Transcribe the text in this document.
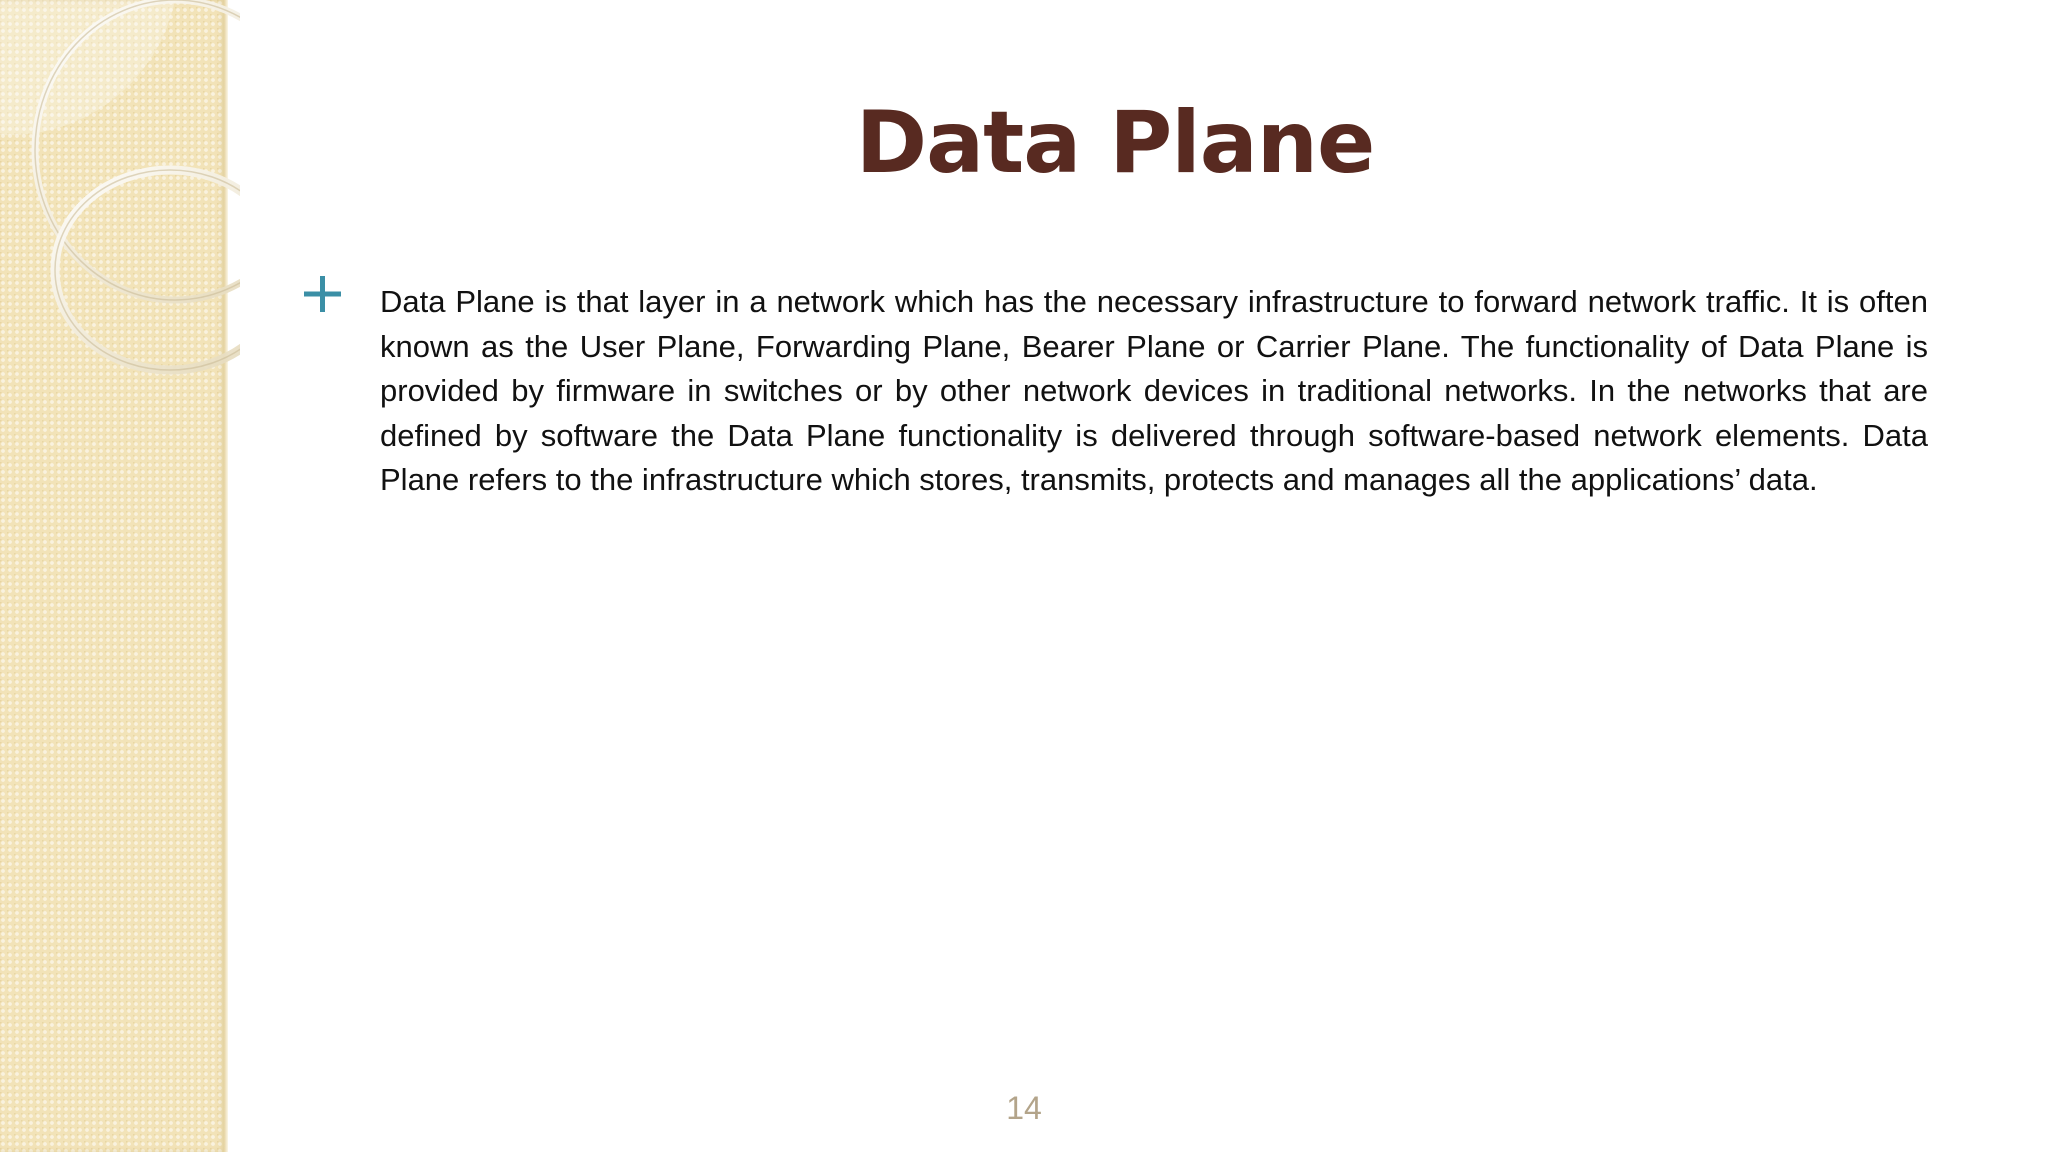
Data Plane

Data Plane is that layer in a network which has the necessary infrastructure to forward network traffic. It is often known as the User Plane, Forwarding Plane, Bearer Plane or Carrier Plane. The functionality of Data Plane is provided by firmware in switches or by other network devices in traditional networks. In the networks that are defined by software the Data Plane functionality is delivered through software-based network elements. Data Plane refers to the infrastructure which stores, transmits, protects and manages all the applications’ data.

14
